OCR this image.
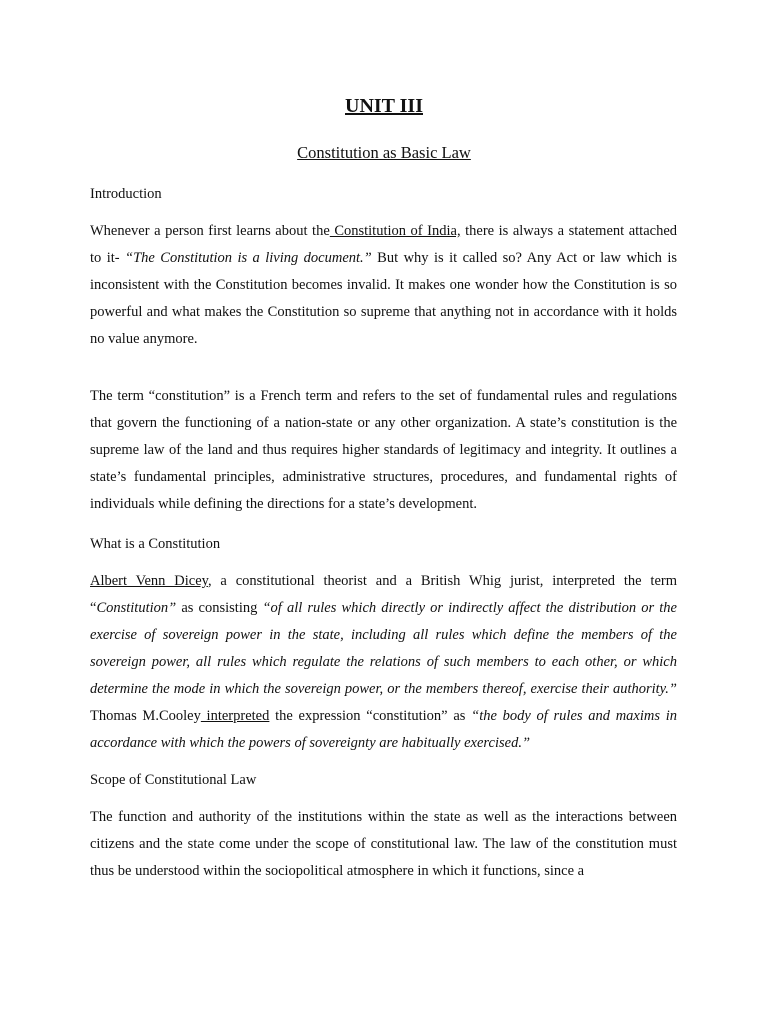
UNIT III
Constitution as Basic Law
Introduction

Whenever a person first learns about the Constitution of India, there is always a statement attached to it- “The Constitution is a living document.” But why is it called so? Any Act or law which is inconsistent with the Constitution becomes invalid. It makes one wonder how the Constitution is so powerful and what makes the Constitution so supreme that anything not in accordance with it holds no value anymore.

The term “constitution” is a French term and refers to the set of fundamental rules and regulations that govern the functioning of a nation-state or any other organization. A state’s constitution is the supreme law of the land and thus requires higher standards of legitimacy and integrity. It outlines a state’s fundamental principles, administrative structures, procedures, and fundamental rights of individuals while defining the directions for a state’s development.

What is a Constitution

Albert Venn Dicey, a constitutional theorist and a British Whig jurist, interpreted the term “Constitution” as consisting “of all rules which directly or indirectly affect the distribution or the exercise of sovereign power in the state, including all rules which define the members of the sovereign power, all rules which regulate the relations of such members to each other, or which determine the mode in which the sovereign power, or the members thereof, exercise their authority.” Thomas M.Cooley interpreted the expression “constitution” as “the body of rules and maxims in accordance with which the powers of sovereignty are habitually exercised.”

Scope of Constitutional Law

The function and authority of the institutions within the state as well as the interactions between citizens and the state come under the scope of constitutional law. The law of the constitution must thus be understood within the sociopolitical atmosphere in which it functions, since a
